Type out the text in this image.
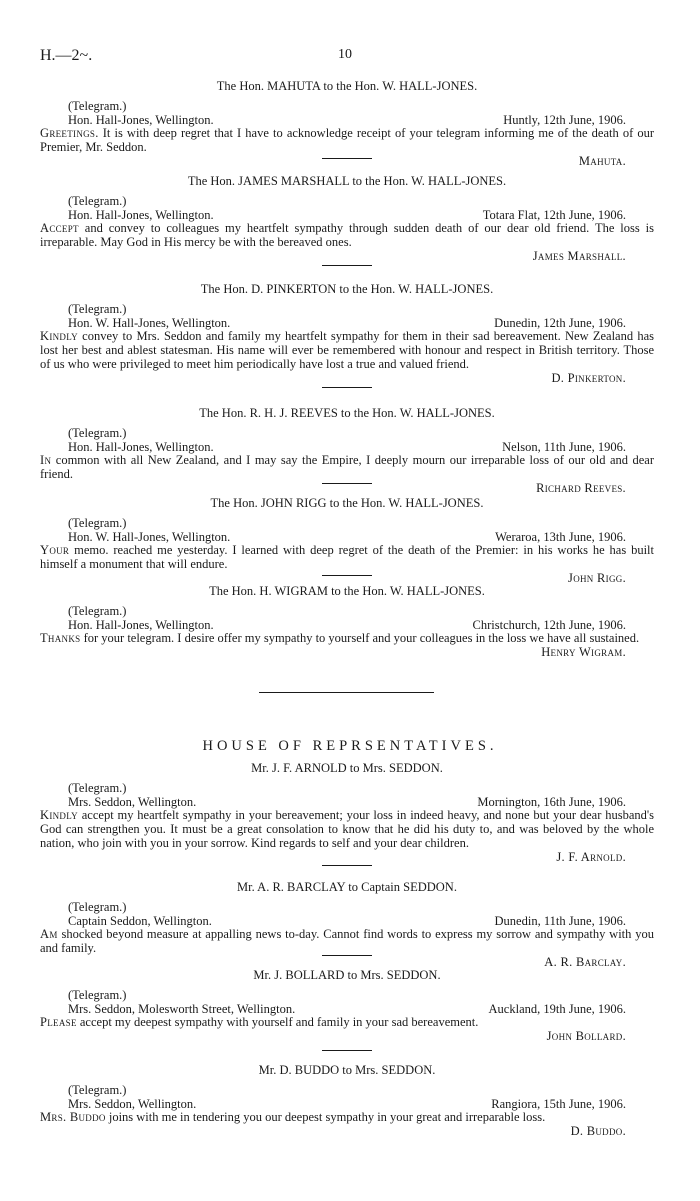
H.—2~.	10
The Hon. MAHUTA to the Hon. W. HALL-JONES.
(Telegram.)
Hon. Hall-Jones, Wellington.	Huntly, 12th June, 1906.
Greetings. It is with deep regret that I have to acknowledge receipt of your telegram informing me of the death of our Premier, Mr. Seddon.
Mahuta.
The Hon. JAMES MARSHALL to the Hon. W. HALL-JONES.
(Telegram.)
Hon. Hall-Jones, Wellington.	Totara Flat, 12th June, 1906.
Accept and convey to colleagues my heartfelt sympathy through sudden death of our dear old friend. The loss is irreparable. May God in His mercy be with the bereaved ones.
James Marshall.
The Hon. D. PINKERTON to the Hon. W. HALL-JONES.
(Telegram.)
Hon. W. Hall-Jones, Wellington.	Dunedin, 12th June, 1906.
Kindly convey to Mrs. Seddon and family my heartfelt sympathy for them in their sad bereavement. New Zealand has lost her best and ablest statesman. His name will ever be remembered with honour and respect in British territory. Those of us who were privileged to meet him periodically have lost a true and valued friend.
D. Pinkerton.
The Hon. R. H. J. REEVES to the Hon. W. HALL-JONES.
(Telegram.)
Hon. Hall-Jones, Wellington.	Nelson, 11th June, 1906.
In common with all New Zealand, and I may say the Empire, I deeply mourn our irreparable loss of our old and dear friend.
Richard Reeves.
The Hon. JOHN RIGG to the Hon. W. HALL-JONES.
(Telegram.)
Hon. W. Hall-Jones, Wellington.	Weraroa, 13th June, 1906.
Your memo. reached me yesterday. I learned with deep regret of the death of the Premier: in his works he has built himself a monument that will endure.
John Rigg.
The Hon. H. WIGRAM to the Hon. W. HALL-JONES.
(Telegram.)
Hon. Hall-Jones, Wellington.	Christchurch, 12th June, 1906.
Thanks for your telegram. I desire offer my sympathy to yourself and your colleagues in the loss we have all sustained.
Henry Wigram.
HOUSE OF REPRSENTATIVES.
Mr. J. F. ARNOLD to Mrs. SEDDON.
(Telegram.)
Mrs. Seddon, Wellington.	Mornington, 16th June, 1906.
Kindly accept my heartfelt sympathy in your bereavement; your loss in indeed heavy, and none but your dear husband's God can strengthen you. It must be a great consolation to know that he did his duty to, and was beloved by the whole nation, who join with you in your sorrow. Kind regards to self and your dear children.
J. F. Arnold.
Mr. A. R. BARCLAY to Captain SEDDON.
(Telegram.)
Captain Seddon, Wellington.	Dunedin, 11th June, 1906.
Am shocked beyond measure at appalling news to-day. Cannot find words to express my sorrow and sympathy with you and family.
A. R. Barclay.
Mr. J. BOLLARD to Mrs. SEDDON.
(Telegram.)
Mrs. Seddon, Molesworth Street, Wellington.	Auckland, 19th June, 1906.
Please accept my deepest sympathy with yourself and family in your sad bereavement.
John Bollard.
Mr. D. BUDDO to Mrs. SEDDON.
(Telegram.)
Mrs. Seddon, Wellington.	Rangiora, 15th June, 1906.
Mrs. Buddo joins with me in tendering you our deepest sympathy in your great and irreparable loss.
D. Buddo.
